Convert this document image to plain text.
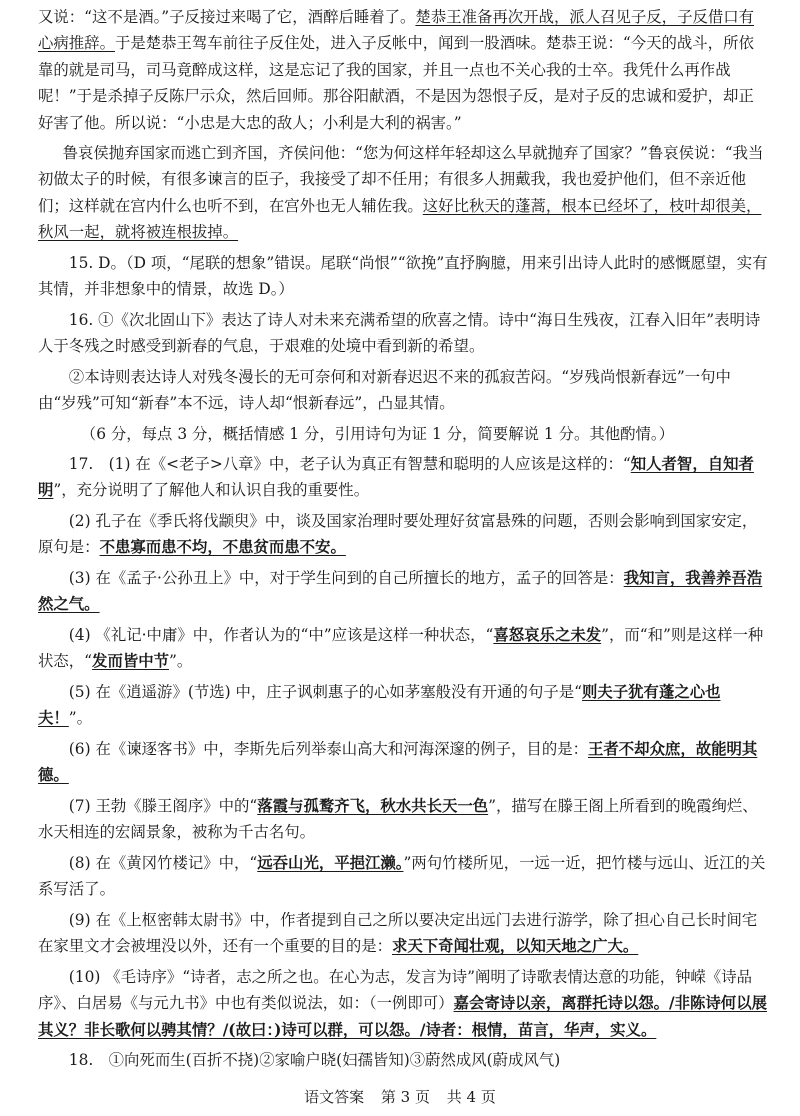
又说：“这不是酒。”子反接过来喝了它，酒醉后睡着了。楚恭王准备再次开战，派人召见子反，子反借口有心病推辞。于是楚恭王驾车前往子反住处，进入子反帐中，闻到一股酒味。楚恭王说：“今天的战斗，所依靠的就是司马，司马竟醉成这样，这是忘记了我的国家，并且一点也不关心我的士卒。我凭什么再作战呢！”于是杀掉子反陈尸示众，然后回师。那谷阳献酒，不是因为怨恨子反，是对子反的忠诚和爱护，却正好害了他。所以说：“小忠是大忠的敌人；小利是大利的祸害。”

鲁哀侯抛弃国家而逃亡到齐国，齐侯问他：“您为何这样年轻却这么早就抛弃了国家？”鲁哀侯说：“我当初做太子的时候，有很多谏言的臣子，我接受了却不任用；有很多人拥戴我，我也爱护他们，但不亲近他们；这样就在宫内什么也听不到，在宫外也无人辅佐我。这好比秋天的蓬蒿，根本已经坏了，枝叶却很美，秋风一起，就将被连根拔掉。

15. D。（D 项，“尾联的想象”错误。尾联“尚恨”“欲挽”直抒胸臆，用来引出诗人此时的感慨愿望，实有其情，并非想象中的情景，故选 D。）

16. ①《次北固山下》表达了诗人对未来充满希望的欣喜之情。诗中“海日生残夜，江春入旧年”表明诗人于冬残之时感受到新春的气息，于艰难的处境中看到新的希望。

②本诗则表达诗人对残冬漫长的无可奈何和对新春迟迟不来的孤寂苦闷。“岁残尚恨新春远”一句中由“岁残”可知“新春”本不远，诗人却“恨新春远”，凸显其情。

（6 分，每点 3 分，概括情感 1 分，引用诗句为证 1 分，简要解说 1 分。其他酌情。）

17.　(1) 在《<老子>八章》中，老子认为真正有智慧和聪明的人应该是这样的：“知人者智，自知者明”，充分说明了了解他人和认识自我的重要性。

(2) 孔子在《季氏将伐颛臾》中，谈及国家治理时要处理好贫富悬殊的问题，否则会影响到国家安定，原句是：不患寡而患不均，不患贫而患不安。

(3) 在《孟子·公孙丑上》中，对于学生问到的自己所擅长的地方，孟子的回答是：我知言，我善养吾浩然之气。

(4) 《礼记·中庸》中，作者认为的“中”应该是这样一种状态，“喜怒哀乐之未发”，而“和”则是这样一种状态，“发而皆中节”。

(5) 在《逍遥游》(节选) 中，庄子讽刺惠子的心如茅塞般没有开通的句子是“则夫子犹有蓬之心也夫！”。

(6) 在《谏逐客书》中，李斯先后列举泰山高大和河海深邃的例子，目的是：王者不却众庶，故能明其德。

(7) 王勃《滕王阁序》中的“落霞与孤鹜齐飞，秋水共长天一色”，描写在滕王阁上所看到的晚霞绚烂、水天相连的宏阔景象，被称为千古名句。

(8) 在《黄冈竹楼记》中，“远吞山光，平挹江濑。”两句竹楼所见，一远一近，把竹楼与远山、近江的关系写活了。

(9) 在《上枢密韩太尉书》中，作者提到自己之所以要决定出远门去进行游学，除了担心自己长时间宅在家里文才会被埋没以外，还有一个重要的目的是：求天下奇闻壮观，以知天地之广大。

(10) 《毛诗序》“诗者，志之所之也。在心为志，发言为诗”阐明了诗歌表情达意的功能，钟嵘《诗品序》、白居易《与元九书》中也有类似说法，如：（一例即可）嘉会寄诗以亲，离群托诗以怨。/非陈诗何以展其义？非长歌何以骋其情？/(故曰：)诗可以群，可以怨。/诗者：根情，苗言，华声，实义。

18.　①向死而生(百折不挠)②家喻户晓(妇孺皆知)③蔚然成风(蔚成风气)

语文答案 第 3 页 共 4 页
